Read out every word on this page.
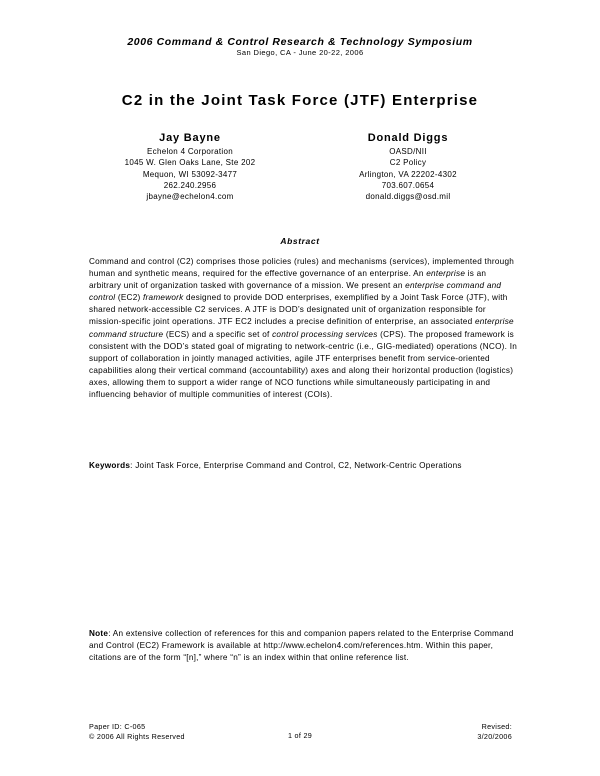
2006 Command & Control Research & Technology Symposium
San Diego, CA - June 20-22, 2006
C2 in the Joint Task Force (JTF) Enterprise
Jay Bayne
Echelon 4 Corporation
1045 W. Glen Oaks Lane, Ste 202
Mequon, WI 53092-3477
262.240.2956
jbayne@echelon4.com
Donald Diggs
OASD/NII
C2 Policy
Arlington, VA 22202-4302
703.607.0654
donald.diggs@osd.mil
Abstract
Command and control (C2) comprises those policies (rules) and mechanisms (services), implemented through human and synthetic means, required for the effective governance of an enterprise. An enterprise is an arbitrary unit of organization tasked with governance of a mission. We present an enterprise command and control (EC2) framework designed to provide DOD enterprises, exemplified by a Joint Task Force (JTF), with shared network-accessible C2 services. A JTF is DOD’s designated unit of organization responsible for mission-specific joint operations. JTF EC2 includes a precise definition of enterprise, an associated enterprise command structure (ECS) and a specific set of control processing services (CPS). The proposed framework is consistent with the DOD’s stated goal of migrating to network-centric (i.e., GIG-mediated) operations (NCO). In support of collaboration in jointly managed activities, agile JTF enterprises benefit from service-oriented capabilities along their vertical command (accountability) axes and along their horizontal production (logistics) axes, allowing them to support a wider range of NCO functions while simultaneously participating in and influencing behavior of multiple communities of interest (COIs).
Keywords: Joint Task Force, Enterprise Command and Control, C2, Network-Centric Operations
Note: An extensive collection of references for this and companion papers related to the Enterprise Command and Control (EC2) Framework is available at http://www.echelon4.com/references.htm. Within this paper, citations are of the form “[n],” where “n” is an index within that online reference list.
Paper ID: C-065
© 2006 All Rights Reserved	1 of 29
Revised:
3/20/2006
